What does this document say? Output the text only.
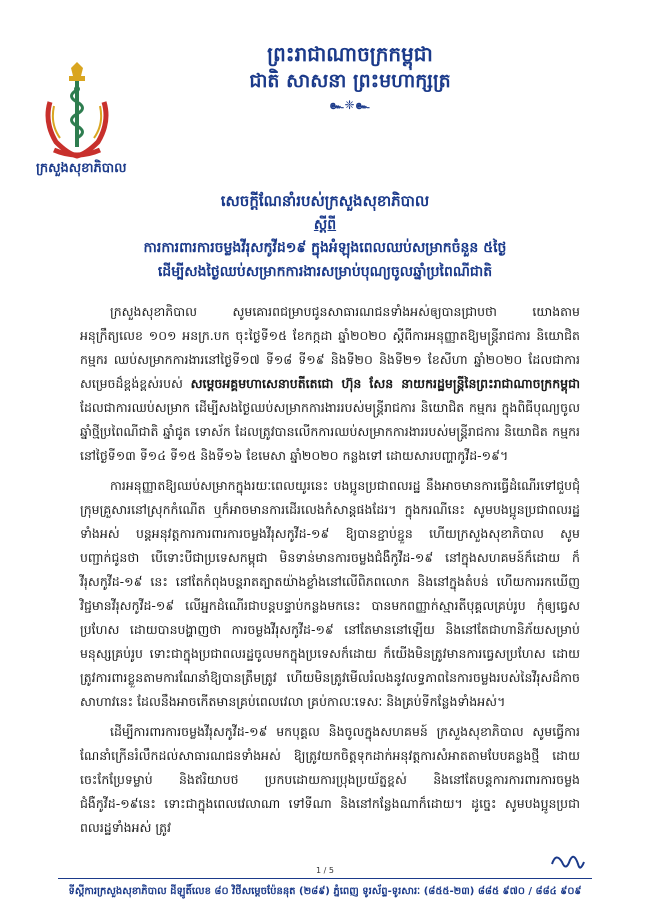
ព្រះរាជាណាចក្រកម្ពុជា
ជាតិ សាសនា ព្រះមហាក្សត្រ
๛❈๛
ក្រសួងសុខាភិបាល
សេចក្ដីណែនាំរបស់ក្រសួងសុខាភិបាល
ស្ដីពី
ការការពារការចម្លងវីរុសកូវីដ១៩ ក្នុងអំឡុងពេលឈប់សម្រាកចំនួន ៥ថ្ងៃ
ដើម្បីសងថ្ងៃឈប់សម្រាកការងារសម្រាប់បុណ្យចូលឆ្នាំប្រពៃណីជាតិ

ក្រសួងសុខាភិបាល សូមគោរពជម្រាបជូនសាធារណជនទាំងអស់ឲ្យបានជ្រាបថា យោងតាមអនុក្រឹត្យលេខ ១០១ អនក្រ.បក ចុះថ្ងៃទី១៥ ខែកក្កដា ឆ្នាំ២០២០ ស្ដីពីការអនុញ្ញាតឱ្យមន្ត្រីរាជការ និយោជិត កម្មករ ឈប់សម្រាកការងារនៅថ្ងៃទី១៧ ទី១៨ ទី១៩ និងទី២០ និងទី២១ ខែសីហា ឆ្នាំ២០២០ ដែលជាការសម្រេចដ៏ខ្ពង់ខ្ពស់របស់ សម្ដេចអគ្គមហាសេនាបតីតេជោ ហ៊ុន សែន នាយករដ្ឋមន្ត្រីនៃព្រះរាជាណាចក្រកម្ពុជា ដែលជាការឈប់សម្រាក ដើម្បីសងថ្ងៃឈប់សម្រាកការងាររបស់មន្ត្រីរាជការ និយោជិត កម្មករ ក្នុងពិធីបុណ្យចូលឆ្នាំថ្មីប្រពៃណីជាតិ ឆ្នាំជូត ទោស័ក ដែលត្រូវបានលើកការឈប់សម្រាកការងាររបស់មន្ត្រីរាជការ និយោជិត កម្មករ នៅថ្ងៃទី១៣ ទី១៤ ទី១៥ និងទី១៦ ខែមេសា ឆ្នាំ២០២០ កន្លងទៅ ដោយសារបញ្ហាកូវីដ-១៩។

ការអនុញ្ញាតឱ្យឈប់សម្រាកក្នុងរយៈពេលយូរនេះ បងប្អូនប្រជាពលរដ្ឋ នឹងអាចមានការធ្វើដំណើរទៅជួបជុំក្រុមគ្រួសារនៅស្រុកកំណើត ឬក៏អាចមានការដើរលេងកំសាន្តផងដែរ។ ក្នុងករណីនេះ សូមបងប្អូនប្រជាពលរដ្ឋទាំងអស់ បន្តអនុវត្តការការពារការចម្លងវីរុសកូវីដ-១៩ ឱ្យបានខ្ជាប់ខ្ជួន ហើយក្រសួងសុខាភិបាល សូមបញ្ជាក់ជូនថា បើទោះបីជាប្រទេសកម្ពុជា មិនទាន់មានការចម្លងជំងឺកូវីដ-១៩ នៅក្នុងសហគមន៍ក៏ដោយ ក៏វីរុសកូវីដ-១៩ នេះ នៅតែកំពុងបន្តរាតត្បាតយ៉ាងខ្លាំងនៅលើពិភពលោក និងនៅក្នុងតំបន់ ហើយការរកឃើញវិជ្ជមានវីរុសកូវីដ-១៩ លើអ្នកដំណើរជាបន្តបន្ទាប់កន្លងមកនេះ បានមកពញ្ញាក់ស្មារតីបុគ្គលគ្រប់រូប កុំឲ្យធ្វេសប្រហែស ដោយបានបង្ហាញថា ការចម្លងវីរុសកូវីដ-១៩ នៅតែមាននៅឡើយ និងនៅតែជាហានិភ័យសម្រាប់មនុស្សគ្រប់រូប ទោះជាក្នុងប្រជាពលរដ្ឋចូលមកក្នុងប្រទេសក៏ដោយ ក៏យើងមិនត្រូវមានការធ្វេសប្រហែស ដោយត្រូវការពារខ្លួនតាមការណែនាំឱ្យបានត្រឹមត្រូវ ហើយមិនត្រូវមើលរំលងនូវលទ្ធភាពនៃការចម្លងរបស់នៃវីរុសដ៏កាចសាហាវនេះ ដែលនឹងអាចកើតមានគ្រប់ពេលវេលា គ្រប់កាលៈទេសៈ និងគ្រប់ទីកន្លែងទាំងអស់។

ដើម្បីការពារការចម្លងវីរុសកូវីដ-១៩ មកបុគ្គល និងចូលក្នុងសហគមន៍ ក្រសួងសុខាភិបាល សូមធ្វើការណែនាំក្រើនរំលឹកដល់សាធារណជនទាំងអស់ ឱ្យត្រូវយកចិត្តទុកដាក់អនុវត្តការសំអាតតាមបែបគន្លងថ្មី ដោយចេះកែប្រែទម្លាប់ និងឥរិយាបថ ប្រកបដោយការប្រុងប្រយ័ត្នខ្ពស់ និងនៅតែបន្តការការពារការចម្លងជំងឺកូវីដ-១៩នេះ ទោះជាក្នុងពេលវេលាណា ទៅទីណា និងនៅកន្លែងណាក៏ដោយ។ ដូច្នេះ សូមបងប្អូនប្រជាពលរដ្ឋទាំងអស់ ត្រូវ

1 / 5
ទីស្តីការក្រសួងសុខាភិបាល ដីឡូតិ៍លេខ ៨០ វិថីសម្តេចប៉ែននុត (២៨៩) ភ្នំពេញ ទូរស័ព្ទ-ទូរសារៈ (៨៥៥-២៣) ៨៨៥ ៩៧០ / ៨៨៤ ៩០៩
